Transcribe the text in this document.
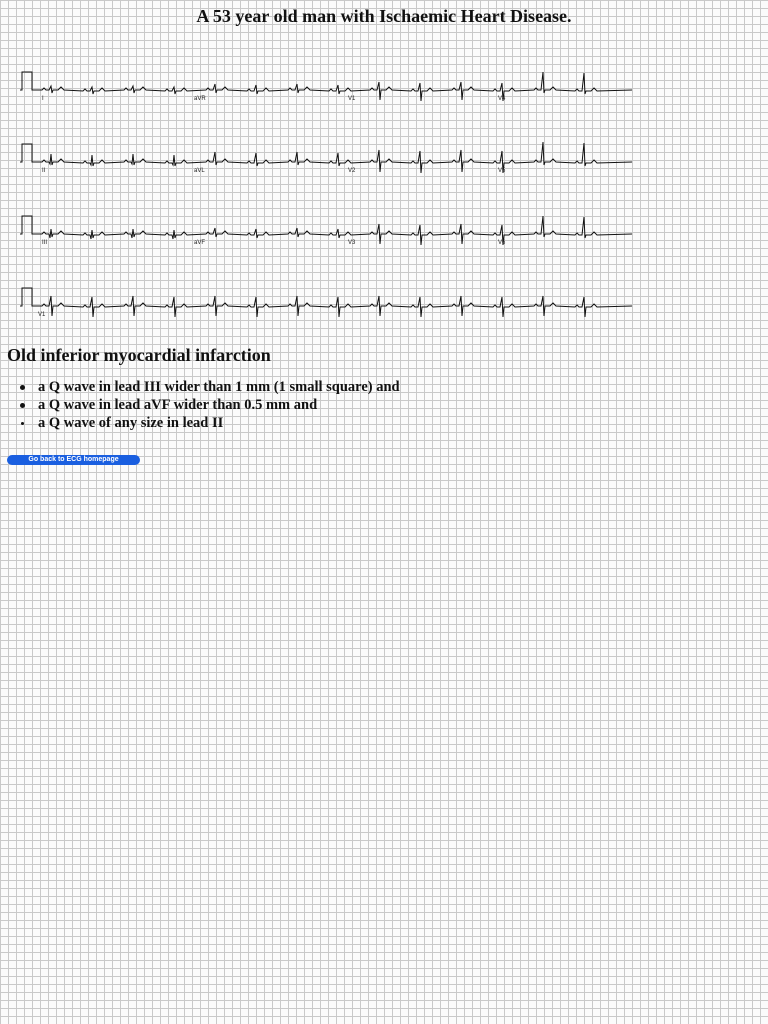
A 53 year old man with Ischaemic Heart Disease.
I	aVR	V1	V4
II	aVL	V2	V5
III	aVF	V3	V6
V1
Old inferior myocardial infarction
a Q wave in lead III wider than 1 mm (1 small square) and
a Q wave in lead aVF wider than 0.5 mm and
a Q wave of any size in lead II
Go back to ECG homepage
